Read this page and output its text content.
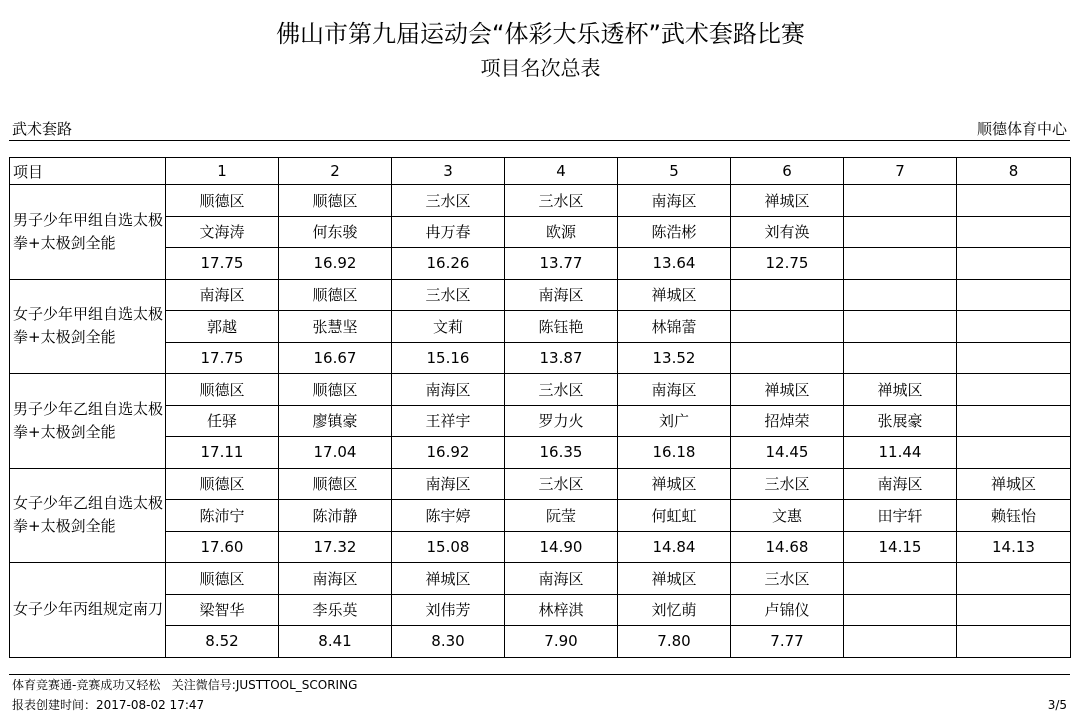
佛山市第九届运动会“体彩大乐透杯”武术套路比赛
项目名次总表
武术套路	顺德体育中心
项目	1	2	3	4	5	6	7	8
男子少年甲组自选太极拳+太极剑全能	顺德区	顺德区	三水区	三水区	南海区	禅城区		
	文海涛	何东骏	冉万春	欧源	陈浩彬	刘有涣		
	17.75	16.92	16.26	13.77	13.64	12.75		
女子少年甲组自选太极拳+太极剑全能	南海区	顺德区	三水区	南海区	禅城区			
	郭越	张慧坚	文莉	陈钰艳	林锦蕾			
	17.75	16.67	15.16	13.87	13.52			
男子少年乙组自选太极拳+太极剑全能	顺德区	顺德区	南海区	三水区	南海区	禅城区	禅城区	
	任驿	廖镇豪	王祥宇	罗力火	刘广	招焯荣	张展豪	
	17.11	17.04	16.92	16.35	16.18	14.45	11.44	
女子少年乙组自选太极拳+太极剑全能	顺德区	顺德区	南海区	三水区	禅城区	三水区	南海区	禅城区
	陈沛宁	陈沛静	陈宇婷	阮莹	何虹虹	文惠	田宇轩	赖钰怡
	17.60	17.32	15.08	14.90	14.84	14.68	14.15	14.13
女子少年丙组规定南刀	顺德区	南海区	禅城区	南海区	禅城区	三水区		
	梁智华	李乐英	刘伟芳	林梓淇	刘忆萌	卢锦仪		
	8.52	8.41	8.30	7.90	7.80	7.77		
体育竞赛通-竞赛成功又轻松   关注微信号:JUSTTOOL_SCORING
报表创建时间：2017-08-02 17:47	3/5
